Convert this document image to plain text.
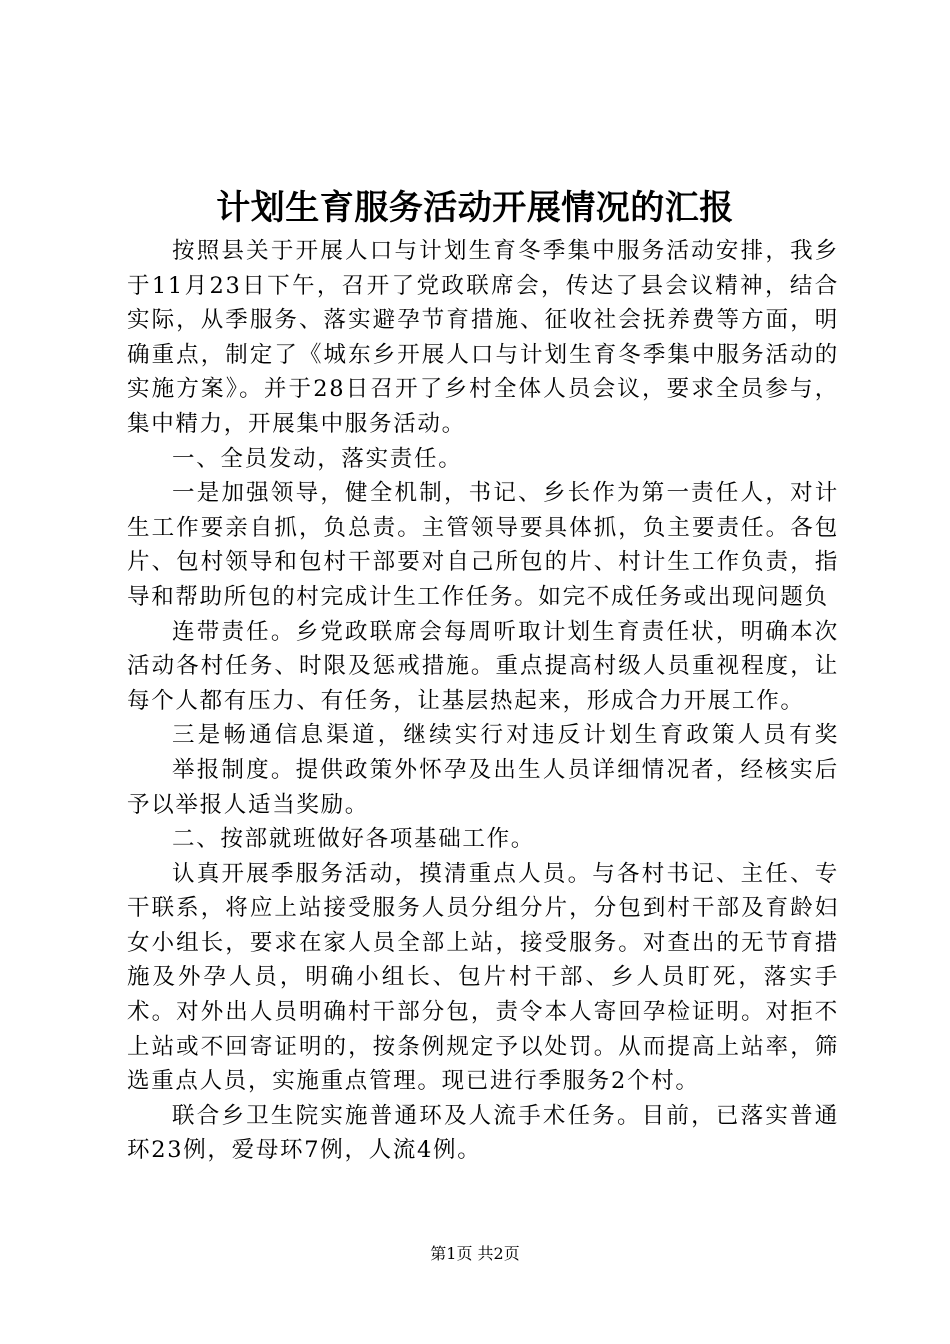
计划生育服务活动开展情况的汇报

按照县关于开展人口与计划生育冬季集中服务活动安排，我乡于11月23日下午，召开了党政联席会，传达了县会议精神，结合实际，从季服务、落实避孕节育措施、征收社会抚养费等方面，明确重点，制定了《城东乡开展人口与计划生育冬季集中服务活动的实施方案》。并于28日召开了乡村全体人员会议，要求全员参与，集中精力，开展集中服务活动。

一、全员发动，落实责任。

一是加强领导，健全机制，书记、乡长作为第一责任人，对计生工作要亲自抓，负总责。主管领导要具体抓，负主要责任。各包片、包村领导和包村干部要对自己所包的片、村计生工作负责，指导和帮助所包的村完成计生工作任务。如完不成任务或出现问题负

连带责任。乡党政联席会每周听取计划生育责任状，明确本次活动各村任务、时限及惩戒措施。重点提高村级人员重视程度，让每个人都有压力、有任务，让基层热起来，形成合力开展工作。

三是畅通信息渠道，继续实行对违反计划生育政策人员有奖

举报制度。提供政策外怀孕及出生人员详细情况者，经核实后予以举报人适当奖励。

二、按部就班做好各项基础工作。

认真开展季服务活动，摸清重点人员。与各村书记、主任、专干联系，将应上站接受服务人员分组分片，分包到村干部及育龄妇女小组长，要求在家人员全部上站，接受服务。对查出的无节育措施及外孕人员，明确小组长、包片村干部、乡人员盯死，落实手术。对外出人员明确村干部分包，责令本人寄回孕检证明。对拒不上站或不回寄证明的，按条例规定予以处罚。从而提高上站率，筛选重点人员，实施重点管理。现已进行季服务2个村。

联合乡卫生院实施普通环及人流手术任务。目前，已落实普通环23例，爱母环7例，人流4例。

第1页 共2页
